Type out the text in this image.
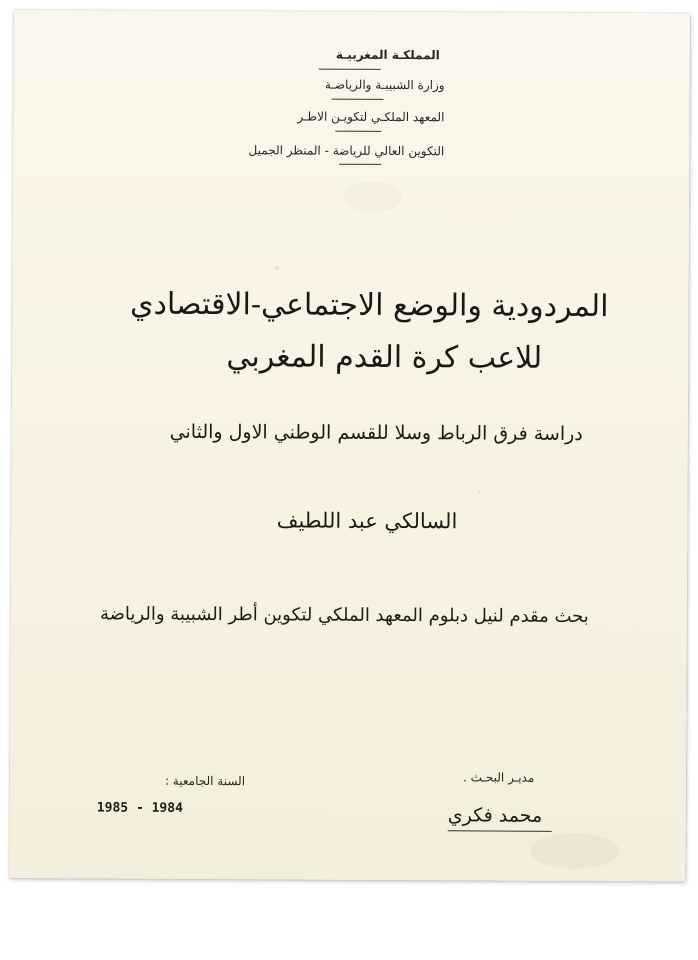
المملكـة المغربيـة

وزارة الشبيبـة والرياضـة

المعهد الملكـي لتكويـن الاطـر

التكوين العالي للرياضة - المنظر الجميل

المردودية والوضع الاجتماعي-الاقتصادي

للاعب كرة القدم المغربي

دراسة فرق الرباط وسلا للقسم الوطني الاول والثاني

السالكي عبد اللطيف

بحث مقدم لنيل دبلوم المعهد الملكي لتكوين أطر الشبيبة والرياضة

السنة الجامعية :

1985 - 1984

مديـر البحـث .

محمد فكري
